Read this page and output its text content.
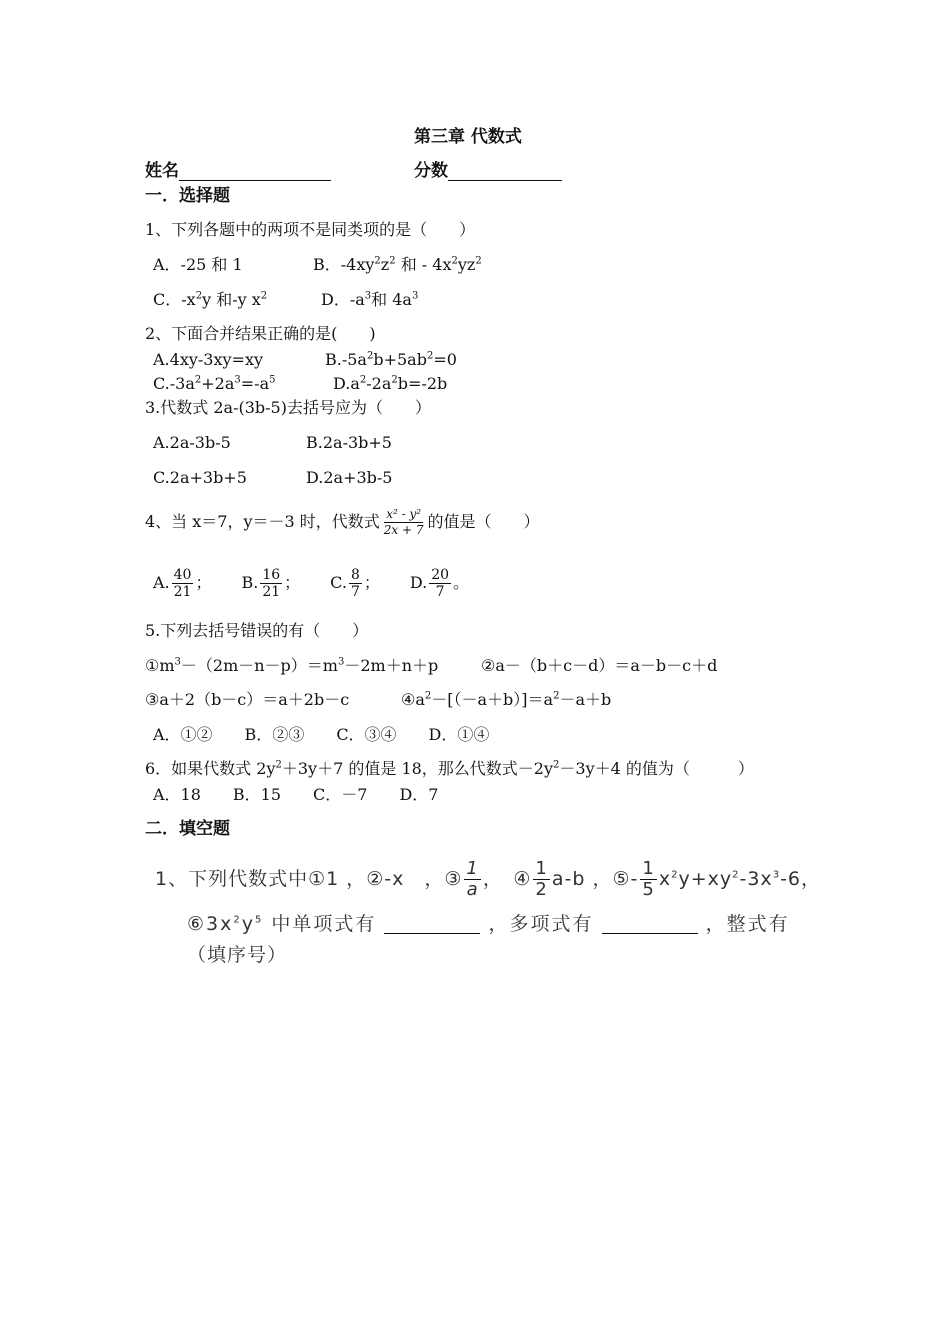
第三章 代数式
姓名	分数
一．选择题
1、下列各题中的两项不是同类项的是（　　）
A．-25 和 1	B．$-4xy^2z^2$ 和 - $4x^2yz^2$
C．$-x^2y$ 和-y $x^2$	D．$-a^3$和 $4a^3$
2、下面合并结果正确的是(　　)
A.4xy-3xy=xy	$B.-5a^2b+5ab^2=0$
$C.-3a^2+2a^3=-a^5$	$D.a^2-2a^2b=-2b$
3.代数式 2a-(3b-5)去括号应为（　　）
A.2a-3b-5	B.2a-3b+5
C.2a+3b+5	D.2a+3b-5
4、当 x＝7，y＝－3 时，代数式 $\frac{\text{x² - y²}}{2x + 7}$ 的值是（　　）
A. $\frac{40}{21}$ ； B. $\frac{16}{21}$ ； C. $\frac{8}{7}$ ； D. $\frac{20}{7}$ 。
5.下列去括号错误的有（　　）
$①m^3-(2m-n-p)=m^3-2m+n+p$	②a－（b＋c－d）＝a－b－c＋d
③a＋2（b－c）＝a＋2b－c	$④a^2-[(-a+b)]=a^2-a+b$
A．①②　　B．②③　　C．③④　　D．①④
6．如果代数式 $2y^2+3y+7$ 的值是 18，那么代数式$-2y^2-3y+4$ 的值为（　　　）
A．18　　B．15　　C．－7　　D．7
二．填空题
1、下列代数式中①1 ，②-x　，③ $\frac{1}{a}$ ，　④ $\frac{1}{2} a-b$ ，⑤- $\frac{1}{5} x^2y+xy^2-3x^3-6$，
$⑥3x^2y^5$ 中单项式有	，多项式有	，整式有
（填序号）
